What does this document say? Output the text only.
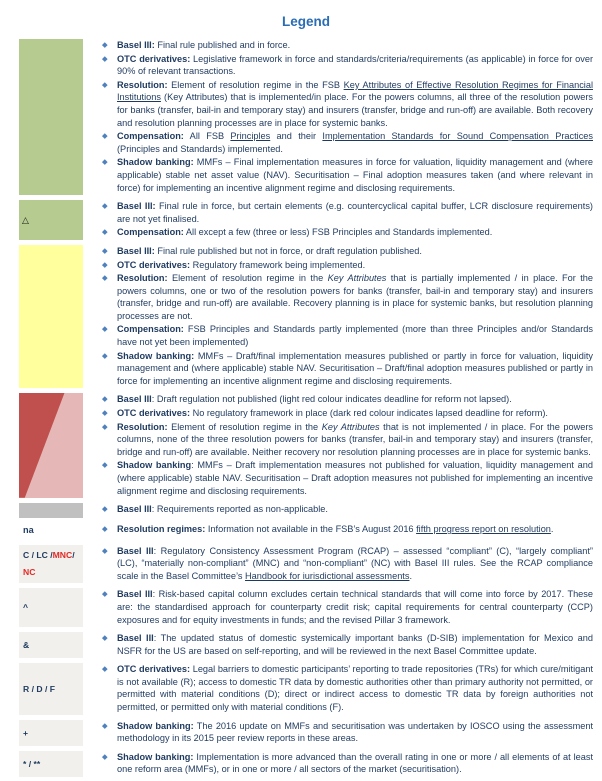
Legend
Basel III: Final rule published and in force.
OTC derivatives: Legislative framework in force and standards/criteria/requirements (as applicable) in force for over 90% of relevant transactions.
Resolution: Element of resolution regime in the FSB Key Attributes of Effective Resolution Regimes for Financial Institutions (Key Attributes) that is implemented/in place. For the powers columns, all three of the resolution powers for banks (transfer, bail-in and temporary stay) and insurers (transfer, bridge and run-off) are available. Both recovery and resolution planning processes are in place for systemic banks.
Compensation: All FSB Principles and their Implementation Standards for Sound Compensation Practices (Principles and Standards) implemented.
Shadow banking: MMFs – Final implementation measures in force for valuation, liquidity management and (where applicable) stable net asset value (NAV). Securitisation – Final adoption measures taken (and where relevant in force) for implementing an incentive alignment regime and disclosing requirements.
△
Basel III: Final rule in force, but certain elements (e.g. countercyclical capital buffer, LCR disclosure requirements) are not yet finalised.
Compensation: All except a few (three or less) FSB Principles and Standards implemented.
Basel III: Final rule published but not in force, or draft regulation published.
OTC derivatives: Regulatory framework being implemented.
Resolution: Element of resolution regime in the Key Attributes that is partially implemented / in place. For the powers columns, one or two of the resolution powers for banks (transfer, bail-in and temporary stay) and insurers (transfer, bridge and run-off) are available. Recovery planning is in place for systemic banks, but resolution planning processes are not.
Compensation: FSB Principles and Standards partly implemented (more than three Principles and/or Standards have not yet been implemented)
Shadow banking: MMFs – Draft/final implementation measures published or partly in force for valuation, liquidity management and (where applicable) stable NAV. Securitisation – Draft/final adoption measures published or partly in force for implementing an incentive alignment regime and disclosing requirements.
Basel III: Draft regulation not published (light red colour indicates deadline for reform not lapsed).
OTC derivatives: No regulatory framework in place (dark red colour indicates lapsed deadline for reform).
Resolution: Element of resolution regime in the Key Attributes that is not implemented / in place. For the powers columns, none of the three resolution powers for banks (transfer, bail-in and temporary stay) and insurers (transfer, bridge and run-off) are available. Neither recovery nor resolution planning processes are in place for systemic banks.
Shadow banking: MMFs – Draft implementation measures not published for valuation, liquidity management and (where applicable) stable NAV. Securitisation – Draft adoption measures not published for implementing an incentive alignment regime and disclosing requirements.
Basel III: Requirements reported as non-applicable.
na	Resolution regimes: Information not available in the FSB’s August 2016 fifth progress report on resolution.
C / LC / MNC /
NC
Basel III: Regulatory Consistency Assessment Program (RCAP) – assessed “compliant” (C), “largely compliant” (LC), “materially non-compliant” (MNC) and “non-compliant” (NC) with Basel III rules. See the RCAP compliance scale in the Basel Committee’s Handbook for iurisdictional assessments.
^
Basel III: Risk-based capital column excludes certain technical standards that will come into force by 2017. These are: the standardised approach for counterparty credit risk; capital requirements for central counterparty (CCP) exposures and for equity investments in funds; and the revised Pillar 3 framework.
&
Basel III: The updated status of domestic systemically important banks (D-SIB) implementation for Mexico and NSFR for the US are based on self-reporting, and will be reviewed in the next Basel Committee update.
R / D / F
OTC derivatives: Legal barriers to domestic participants’ reporting to trade repositories (TRs) for which cure/mitigant is not available (R); access to domestic TR data by domestic authorities other than primary authority not permitted, or permitted with material conditions (D); direct or indirect access to domestic TR data by foreign authorities not permitted, or permitted only with material conditions (F).
+
Shadow banking: The 2016 update on MMFs and securitisation was undertaken by IOSCO using the assessment methodology in its 2015 peer review reports in these areas.
* / **
Shadow banking: Implementation is more advanced than the overall rating in one or more / all elements of at least one reform area (MMFs), or in one or more / all sectors of the market (securitisation).
